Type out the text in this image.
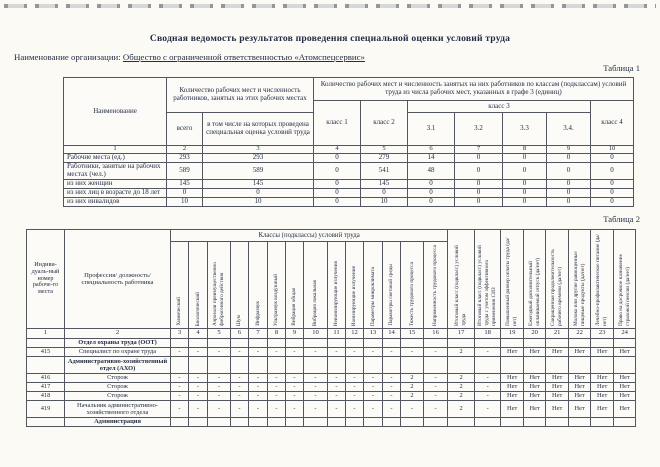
Сводная ведомость результатов проведения специальной оценки условий труда
Наименование организации: Общество с ограниченной ответственностью «Атомспецсервис»
Таблица 1
Наименование	Количество рабочих мест и численность работников, занятых на этих рабочих местах		Количество рабочих мест и численность занятых на них работников по классам (подклассам) условий труда из числа рабочих мест, указанных в графе 3 (единиц)						
			класс 1	класс 2	класс 3				класс 4
	всего	в том числе на которых проведена специальная оценка условий труда			3.1	3.2	3.3	3.4.	
1	2	3	4	5	6	7	8	9	10
Рабочие места (ед.)	293	293	0	279	14	0	0	0	0
Работники, занятые на рабочих местах (чел.)	589	589	0	541	48	0	0	0	0
из них женщин	145	145	0	145	0	0	0	0	0
из них лиц в возрасте до 18 лет	0	0	0	0	0	0	0	0	0
из них инвалидов	10	10	0	10	0	0	0	0	0
Таблица 2
Индиви-дуаль-ный номер рабоче-го места	Профессия/ должность/ специальность работника	Классы (подклассы) условий труда														Итоговый класс (подкласс) условий труда	Итоговый класс (подкласс) условий труда с учетом эффективного применения СИЗ	Повышенный размер оплаты труда (да/нет)	Ежегодный дополнительный оплачиваемый отпуск (да/нет)	Сокращенная продолжительность рабочего времени (да/нет)	Молоко или другие равноценные пищевые продукты (да/нет)	Лечебно-профилактическое питание (да/нет)	Право на досрочное назначение страховой пенсии (да/нет)

		Химический	Биологический	Аэрозоли преимущественно фиброгенного действия	Шум	Инфразвук	Ультразвук воздушный	Вибрация общая	Вибрация локальная	Неионизирующие излучения	Ионизирующие излучения	Параметры микроклимата	Параметры световой среды	Тяжесть трудового процесса	Напряженность трудового процесса								

1	2	3	4	5	6	7	8	9	10	11	12	13	14	15	16	17	18	19	20	21	22	23	24
	Отдел охраны труда (ООТ)																						
415	Специалист по охране труда	-	-	-	-	-	-	-	-	-	-	-	-	-	-	2	-	Нет	Нет	Нет	Нет	Нет	Нет
	Административно-хозяйственный отдел (АХО)																						
416	Сторож	-	-	-	-	-	-	-	-	-	-	-	-	2	-	2	-	Нет	Нет	Нет	Нет	Нет	Нет
417	Сторож	-	-	-	-	-	-	-	-	-	-	-	-	2	-	2	-	Нет	Нет	Нет	Нет	Нет	Нет
418	Сторож	-	-	-	-	-	-	-	-	-	-	-	-	2	-	2	-	Нет	Нет	Нет	Нет	Нет	Нет
419	Начальник административно-хозяйственного отдела	-	-	-	-	-	-	-	-	-	-	-	-	-	-	2	-	Нет	Нет	Нет	Нет	Нет	Нет
	Администрация																						
